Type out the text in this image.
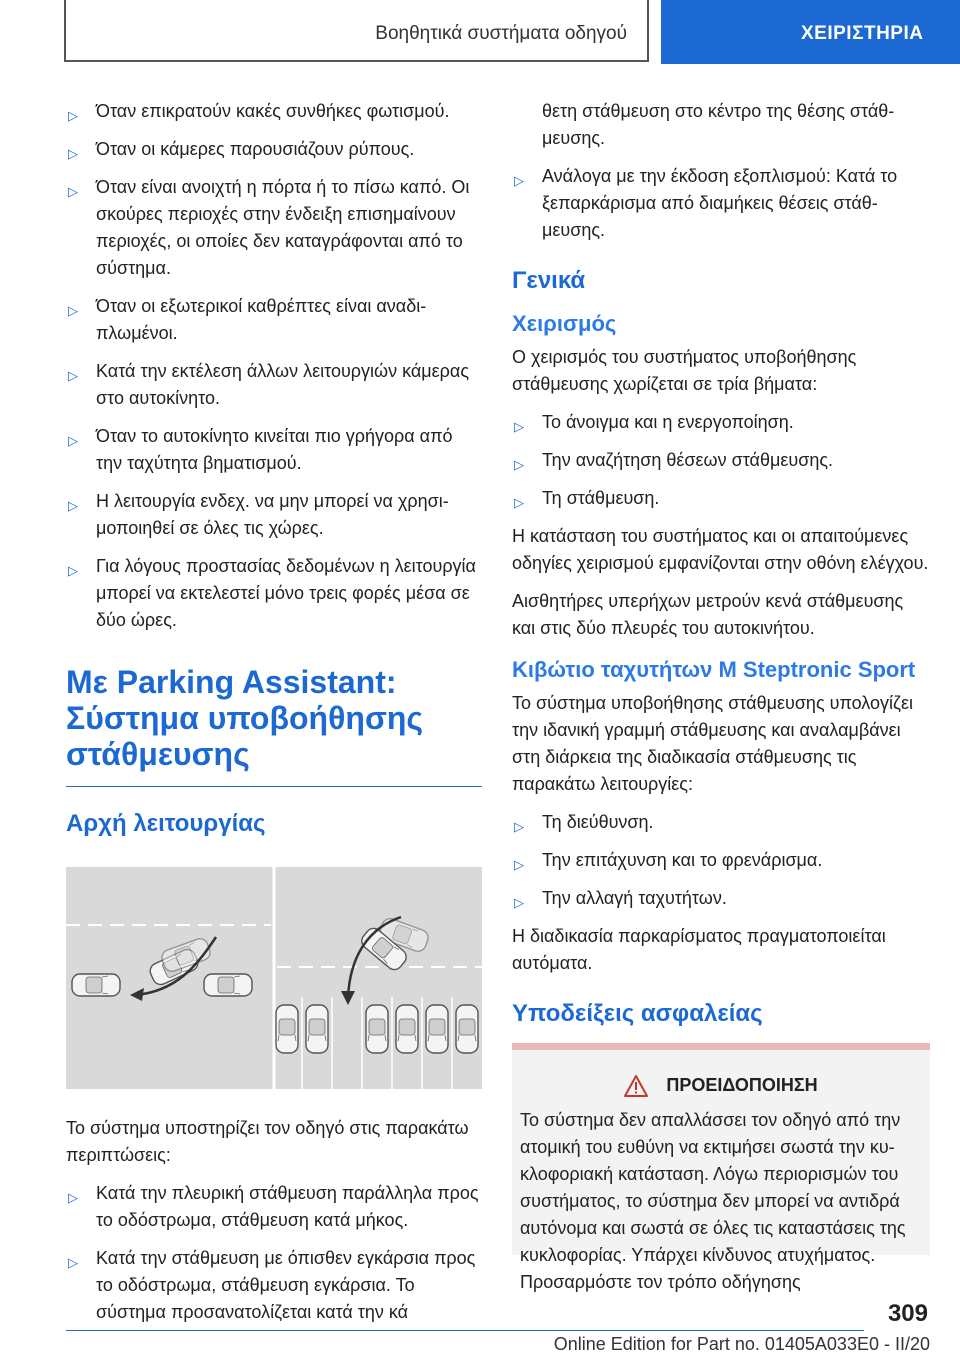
Βοηθητικά συστήματα οδηγού	ΧΕΙΡΙΣΤΗΡΙΑ
▷ Όταν επικρατούν κακές συνθήκες φωτισμού.
▷ Όταν οι κάμερες παρουσιάζουν ρύπους.
▷ Όταν είναι ανοιχτή η πόρτα ή το πίσω καπό. Οι σκούρες περιοχές στην ένδειξη επισημαίνουν περιοχές, οι οποίες δεν καταγράφονται από το σύστημα.
▷ Όταν οι εξωτερικοί καθρέπτες είναι αναδιπλωμένοι.
▷ Κατά την εκτέλεση άλλων λειτουργιών κάμερας στο αυτοκίνητο.
▷ Όταν το αυτοκίνητο κινείται πιο γρήγορα από την ταχύτητα βηματισμού.
▷ Η λειτουργία ενδεχ. να μην μπορεί να χρησιμοποιηθεί σε όλες τις χώρες.
▷ Για λόγους προστασίας δεδομένων η λειτουργία μπορεί να εκτελεστεί μόνο τρεις φορές μέσα σε δύο ώρες.
Με Parking Assistant: Σύστημα υποβοήθησης στάθμευσης
Αρχή λειτουργίας

Το σύστημα υποστηρίζει τον οδηγό στις παρακάτω περιπτώσεις:

▷ Κατά την πλευρική στάθμευση παράλληλα προς το οδόστρωμα, στάθμευση κατά μήκος.
▷ Κατά την στάθμευση με όπισθεν εγκάρσια προς το οδόστρωμα, στάθμευση εγκάρσια. Το σύστημα προσανατολίζεται κατά την κά

θετη στάθμευση στο κέντρο της θέσης στάθμευσης.

▷ Ανάλογα με την έκδοση εξοπλισμού: Κατά το ξεπαρκάρισμα από διαμήκεις θέσεις στάθμευσης.
Γενικά
Χειρισμός

Ο χειρισμός του συστήματος υποβοήθησης στάθμευσης χωρίζεται σε τρία βήματα:

▷ Το άνοιγμα και η ενεργοποίηση.
▷ Την αναζήτηση θέσεων στάθμευσης.
▷ Τη στάθμευση.

Η κατάσταση του συστήματος και οι απαιτούμενες οδηγίες χειρισμού εμφανίζονται στην οθόνη ελέγχου.

Αισθητήρες υπερήχων μετρούν κενά στάθμευσης και στις δύο πλευρές του αυτοκινήτου.

Κιβώτιο ταχυτήτων M Steptronic Sport

Το σύστημα υποβοήθησης στάθμευσης υπολογίζει την ιδανική γραμμή στάθμευσης και αναλαμβάνει στη διάρκεια της διαδικασία στάθμευσης τις παρακάτω λειτουργίες:

▷ Τη διεύθυνση.
▷ Την επιτάχυνση και το φρενάρισμα.
▷ Την αλλαγή ταχυτήτων.

Η διαδικασία παρκαρίσματος πραγματοποιείται αυτόματα.

Υποδείξεις ασφαλείας
ΠΡΟΕΙΔΟΠΟΙΗΣΗ
Το σύστημα δεν απαλλάσσει τον οδηγό από την ατομική του ευθύνη να εκτιμήσει σωστά την κυκλοφοριακή κατάσταση. Λόγω περιορισμών του συστήματος, το σύστημα δεν μπορεί να αντιδρά αυτόνομα και σωστά σε όλες τις καταστάσεις της κυκλοφορίας. Υπάρχει κίνδυνος ατυχήματος. Προσαρμόστε τον τρόπο οδήγησης
309
Online Edition for Part no. 01405A033E0 - II/20
